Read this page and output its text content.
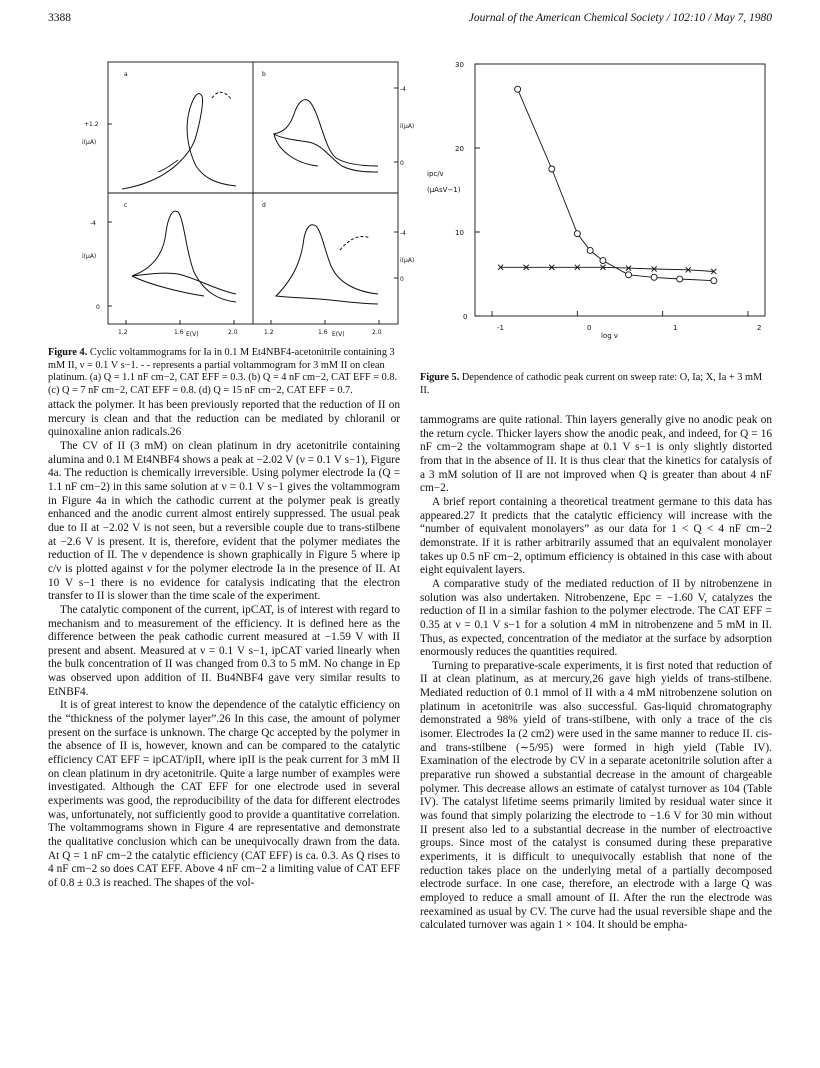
3388	Journal of the American Chemical Society / 102:10 / May 7, 1980
a	b
c	d
+1.2
i(μA)
-4
i(μA)
0
-4
i(μA)
0
-4
i(μA)
0
1.2	1.6 E(V)	2.0	1.2	1.6 E(V)	2.0
30
20
10
0
ipc/ν
(μAsV−1)
-1	0	1	2
log ν
Figure 4. Cyclic voltammograms for Ia in 0.1 M Et4NBF4-acetonitrile containing 3 mM II, ν = 0.1 V s−1. - - represents a partial voltammogram for 3 mM II on clean platinum. (a) Q = 1.1 nF cm−2, CAT EFF = 0.3. (b) Q = 4 nF cm−2, CAT EFF = 0.8. (c) Q = 7 nF cm−2, CAT EFF = 0.8. (d) Q = 15 nF cm−2, CAT EFF = 0.7.
Figure 5. Dependence of cathodic peak current on sweep rate: O, Ia; X, Ia + 3 mM II.

attack the polymer. It has been previously reported that the reduction of II on mercury is clean and that the reduction can be mediated by chloranil or quinoxaline anion radicals.26

The CV of II (3 mM) on clean platinum in dry acetonitrile containing alumina and 0.1 M Et4NBF4 shows a peak at −2.02 V (ν = 0.1 V s−1), Figure 4a. The reduction is chemically irreversible. Using polymer electrode Ia (Q = 1.1 nF cm−2) in this same solution at ν = 0.1 V s−1 gives the voltammogram in Figure 4a in which the cathodic current at the polymer peak is greatly enhanced and the anodic current almost entirely suppressed. The usual peak due to II at −2.02 V is not seen, but a reversible couple due to trans-stilbene at −2.6 V is present. It is, therefore, evident that the polymer mediates the reduction of II. The ν dependence is shown graphically in Figure 5 where ip c/ν is plotted against ν for the polymer electrode Ia in the presence of II. At 10 V s−1 there is no evidence for catalysis indicating that the electron transfer to II is slower than the time scale of the experiment.

The catalytic component of the current, ipCAT, is of interest with regard to mechanism and to measurement of the efficiency. It is defined here as the difference between the peak cathodic current measured at −1.59 V with II present and absent. Measured at ν = 0.1 V s−1, ipCAT varied linearly when the bulk concentration of II was changed from 0.3 to 5 mM. No change in Ep was observed upon addition of II. Bu4NBF4 gave very similar results to EtNBF4.

It is of great interest to know the dependence of the catalytic efficiency on the “thickness of the polymer layer”.26 In this case, the amount of polymer present on the surface is unknown. The charge Qc accepted by the polymer in the absence of II is, however, known and can be compared to the catalytic efficiency CAT EFF = ipCAT/ipII, where ipII is the peak current for 3 mM II on clean platinum in dry acetonitrile. Quite a large number of examples were investigated. Although the CAT EFF for one electrode used in several experiments was good, the reproducibility of the data for different electrodes was, unfortunately, not sufficiently good to provide a quantitative correlation. The voltammograms shown in Figure 4 are representative and demonstrate the qualitative conclusion which can be unequivocally drawn from the data. At Q = 1 nF cm−2 the catalytic efficiency (CAT EFF) is ca. 0.3. As Q rises to 4 nF cm−2 so does CAT EFF. Above 4 nF cm−2 a limiting value of CAT EFF of 0.8 ± 0.3 is reached. The shapes of the vol-

tammograms are quite rational. Thin layers generally give no anodic peak on the return cycle. Thicker layers show the anodic peak, and indeed, for Q = 16 nF cm−2 the voltammogram shape at 0.1 V s−1 is only slightly distorted from that in the absence of II. It is thus clear that the kinetics for catalysis of a 3 mM solution of II are not improved when Q is greater than about 4 nF cm−2.

A brief report containing a theoretical treatment germane to this data has appeared.27 It predicts that the catalytic efficiency will increase with the “number of equivalent monolayers” as our data for 1 < Q < 4 nF cm−2 demonstrate. If it is rather arbitrarily assumed that an equivalent monolayer takes up 0.5 nF cm−2, optimum efficiency is obtained in this case with about eight equivalent layers.

A comparative study of the mediated reduction of II by nitrobenzene in solution was also undertaken. Nitrobenzene, Epc = −1.60 V, catalyzes the reduction of II in a similar fashion to the polymer electrode. The CAT EFF = 0.35 at ν = 0.1 V s−1 for a solution 4 mM in nitrobenzene and 5 mM in II. Thus, as expected, concentration of the mediator at the surface by adsorption enormously reduces the quantities required.

Turning to preparative-scale experiments, it is first noted that reduction of II at clean platinum, as at mercury,26 gave high yields of trans-stilbene. Mediated reduction of 0.1 mmol of II with a 4 mM nitrobenzene solution on platinum in acetonitrile was also successful. Gas-liquid chromatography demonstrated a 98% yield of trans-stilbene, with only a trace of the cis isomer. Electrodes Ia (2 cm2) were used in the same manner to reduce II. cis- and trans-stilbene (∼5/95) were formed in high yield (Table IV). Examination of the electrode by CV in a separate acetonitrile solution after a preparative run showed a substantial decrease in the amount of chargeable polymer. This decrease allows an estimate of catalyst turnover as 104 (Table IV). The catalyst lifetime seems primarily limited by residual water since it was found that simply polarizing the electrode to −1.6 V for 30 min without II present also led to a substantial decrease in the number of electroactive groups. Since most of the catalyst is consumed during these preparative experiments, it is difficult to unequivocally establish that none of the reduction takes place on the underlying metal of a partially decomposed electrode surface. In one case, therefore, an electrode with a large Q was employed to reduce a small amount of II. After the run the electrode was reexamined as usual by CV. The curve had the usual reversible shape and the calculated turnover was again 1 × 104. It should be empha-
